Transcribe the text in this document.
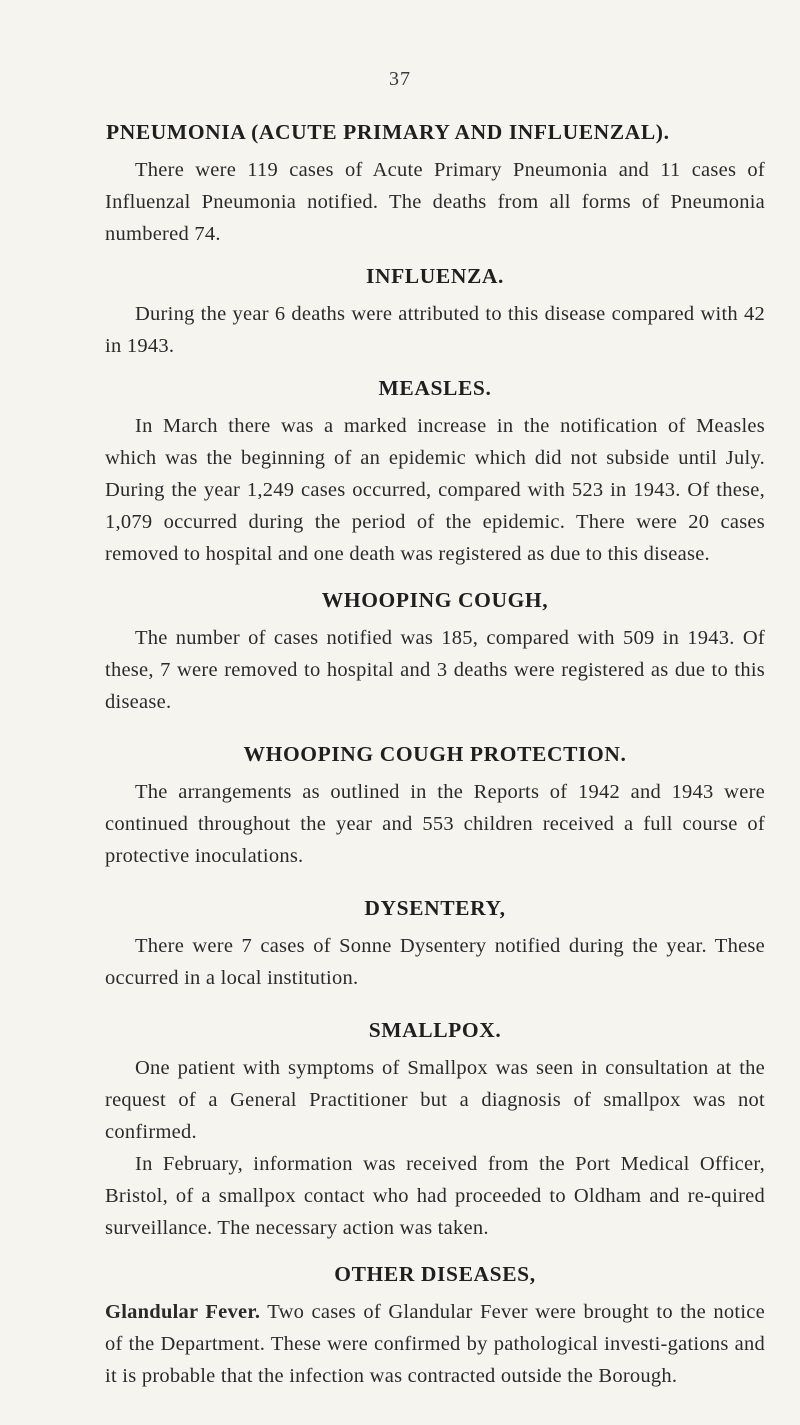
37
PNEUMONIA (ACUTE PRIMARY AND INFLUENZAL).

There were 119 cases of Acute Primary Pneumonia and 11 cases of Influenzal Pneumonia notified. The deaths from all forms of Pneumonia numbered 74.

INFLUENZA.

During the year 6 deaths were attributed to this disease compared with 42 in 1943.

MEASLES.

In March there was a marked increase in the notification of Measles which was the beginning of an epidemic which did not subside until July. During the year 1,249 cases occurred, compared with 523 in 1943. Of these, 1,079 occurred during the period of the epidemic. There were 20 cases removed to hospital and one death was registered as due to this disease.

WHOOPING COUGH,

The number of cases notified was 185, compared with 509 in 1943. Of these, 7 were removed to hospital and 3 deaths were registered as due to this disease.

WHOOPING COUGH PROTECTION.

The arrangements as outlined in the Reports of 1942 and 1943 were continued throughout the year and 553 children received a full course of protective inoculations.

DYSENTERY,

There were 7 cases of Sonne Dysentery notified during the year. These occurred in a local institution.

SMALLPOX.

One patient with symptoms of Smallpox was seen in consultation at the request of a General Practitioner but a diagnosis of smallpox was not confirmed.

In February, information was received from the Port Medical Officer, Bristol, of a smallpox contact who had proceeded to Oldham and re-quired surveillance. The necessary action was taken.

OTHER DISEASES,

Glandular Fever. Two cases of Glandular Fever were brought to the notice of the Department. These were confirmed by pathological investi-gations and it is probable that the infection was contracted outside the Borough.
